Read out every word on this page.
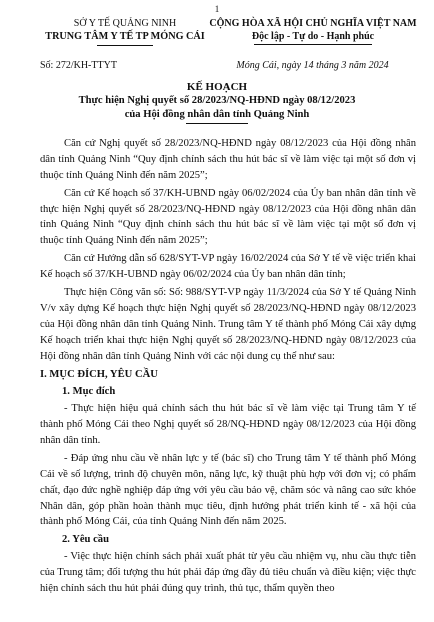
1
SỞ Y TẾ QUẢNG NINH
TRUNG TÂM Y TẾ TP MÓNG CÁI
CỘNG HÒA XÃ HỘI CHỦ NGHĨA VIỆT NAM
Độc lập - Tự do - Hạnh phúc
Số: 272/KH-TTYT	Móng Cái, ngày 14 tháng 3 năm 2024
KẾ HOẠCH
Thực hiện Nghị quyết số 28/2023/NQ-HĐND ngày 08/12/2023
của Hội đồng nhân dân tỉnh Quảng Ninh

Căn cứ Nghị quyết số 28/2023/NQ-HĐND ngày 08/12/2023 của Hội đồng nhân dân tỉnh Quảng Ninh “Quy định chính sách thu hút bác sĩ về làm việc tại một số đơn vị thuộc tỉnh Quảng Ninh đến năm 2025”;

Căn cứ Kế hoạch số 37/KH-UBND ngày 06/02/2024 của Ủy ban nhân dân tỉnh về thực hiện Nghị quyết số 28/2023/NQ-HĐND ngày 08/12/2023 của Hội đồng nhân dân tỉnh Quảng Ninh “Quy định chính sách thu hút bác sĩ về làm việc tại một số đơn vị thuộc tỉnh Quảng Ninh đến năm 2025”;

Căn cứ Hướng dẫn số 628/SYT-VP ngày 16/02/2024 của Sở Y tế về việc triển khai Kế hoạch số 37/KH-UBND ngày 06/02/2024 của Ủy ban nhân dân tỉnh;

Thực hiện Công văn số: Số: 988/SYT-VP ngày 11/3/2024 của Sở Y tế Quảng Ninh V/v xây dựng Kế hoạch thực hiện Nghị quyết số 28/2023/NQ-HĐND ngày 08/12/2023 của Hội đồng nhân dân tỉnh Quảng Ninh. Trung tâm Y tế thành phố Móng Cái xây dựng Kế hoạch triển khai thực hiện Nghị quyết số 28/2023/NQ-HĐND ngày 08/12/2023 của Hội đồng nhân dân tỉnh Quảng Ninh với các nội dung cụ thể như sau:

I. MỤC ĐÍCH, YÊU CẦU
1. Mục đích

- Thực hiện hiệu quả chính sách thu hút bác sĩ về làm việc tại Trung tâm Y tế thành phố Móng Cái theo Nghị quyết số 28/NQ-HĐND ngày 08/12/2023 của Hội đồng nhân dân tỉnh.

- Đáp ứng nhu cầu về nhân lực y tế (bác sĩ) cho Trung tâm Y tế thành phố Móng Cái về số lượng, trình độ chuyên môn, năng lực, kỹ thuật phù hợp với đơn vị; có phẩm chất, đạo đức nghề nghiệp đáp ứng với yêu cầu bảo vệ, chăm sóc và nâng cao sức khỏe Nhân dân, góp phần hoàn thành mục tiêu, định hướng phát triển kinh tế - xã hội của thành phố Móng Cái, của tỉnh Quảng Ninh đến năm 2025.

2. Yêu cầu

- Việc thực hiện chính sách phải xuất phát từ yêu cầu nhiệm vụ, nhu cầu thực tiễn của Trung tâm; đối tượng thu hút phải đáp ứng đầy đủ tiêu chuẩn và điều kiện; việc thực hiện chính sách thu hút phải đúng quy trình, thủ tục, thẩm quyền theo
